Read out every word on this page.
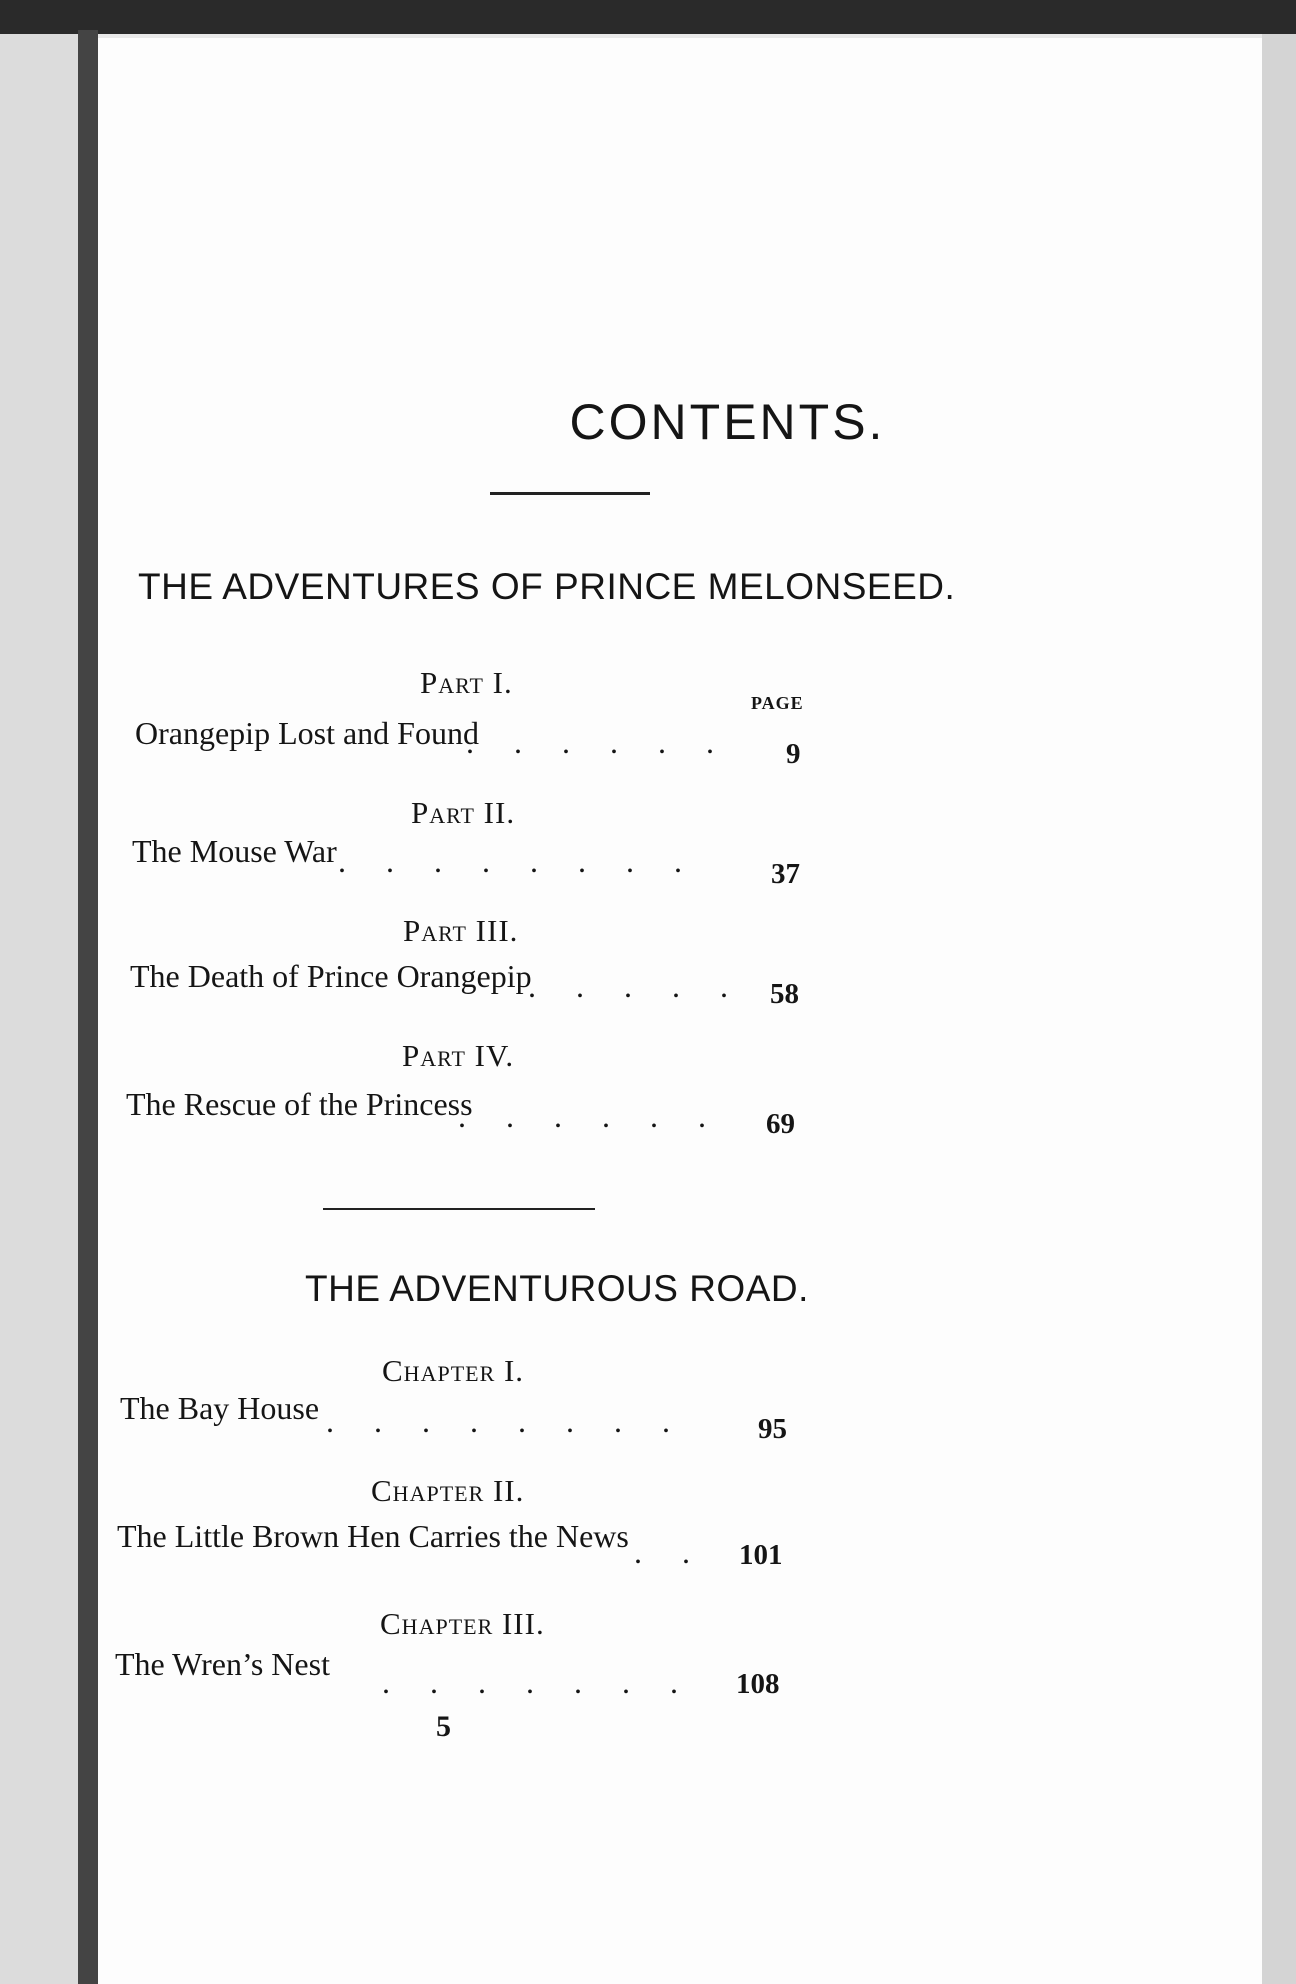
CONTENTS.
THE ADVENTURES OF PRINCE MELONSEED.
Part I.
PAGE
Orangepip Lost and Found
.     .     .     .     .     . 9
Part II.
The Mouse War .     .     .     .     .     .     .     .	37
Part III.
The Death of Prince Orangepip
.     .     .     .     . 58
Part IV.
The Rescue of the Princess
.     .     .     .     .     . 69
THE ADVENTUROUS ROAD.
Chapter I.
The Bay House .     .     .     .     .     .     .     .	95
Chapter II.
The Little Brown Hen Carries the News .     . 101
Chapter III.
The Wren’s Nest .     .     .     .     .     .     . 108
5
